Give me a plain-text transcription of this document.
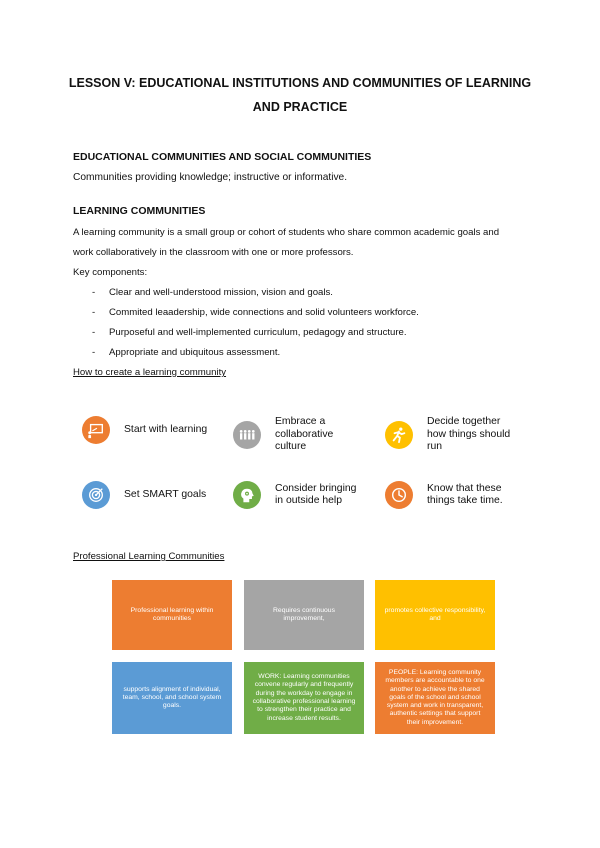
LESSON V: EDUCATIONAL INSTITUTIONS AND COMMUNITIES OF LEARNING
AND PRACTICE
EDUCATIONAL COMMUNITIES AND SOCIAL COMMUNITIES
Communities providing knowledge; instructive or informative.
LEARNING COMMUNITIES
A learning community is a small group or cohort of students who share common academic goals and
work collaboratively in the classroom with one or more professors.
Key components:
- Clear and well-understood mission, vision and goals.
- Commited leaadership, wide connections and solid volunteers workforce.
- Purposeful and well-implemented curriculum, pedagogy and structure.
- Appropriate and ubiquitous assessment.
How to create a learning community
Start with learning
Embrace a
collaborative
culture
Decide together
how things should
run
Set SMART goals
Consider bringing
in outside help
Know that these
things take time.
Professional Learning Communities
Professional learning within communities
Requires continuous improvement,
promotes collective responsibility, and
supports alignment of individual, team, school, and school system goals.
WORK: Learning communities convene regularly and frequently during the workday to engage in collaborative professional learning to strengthen their practice and increase student results.
PEOPLE: Learning community members are accountable to one another to achieve the shared goals of the school and school system and work in transparent, authentic settings that support their improvement.
